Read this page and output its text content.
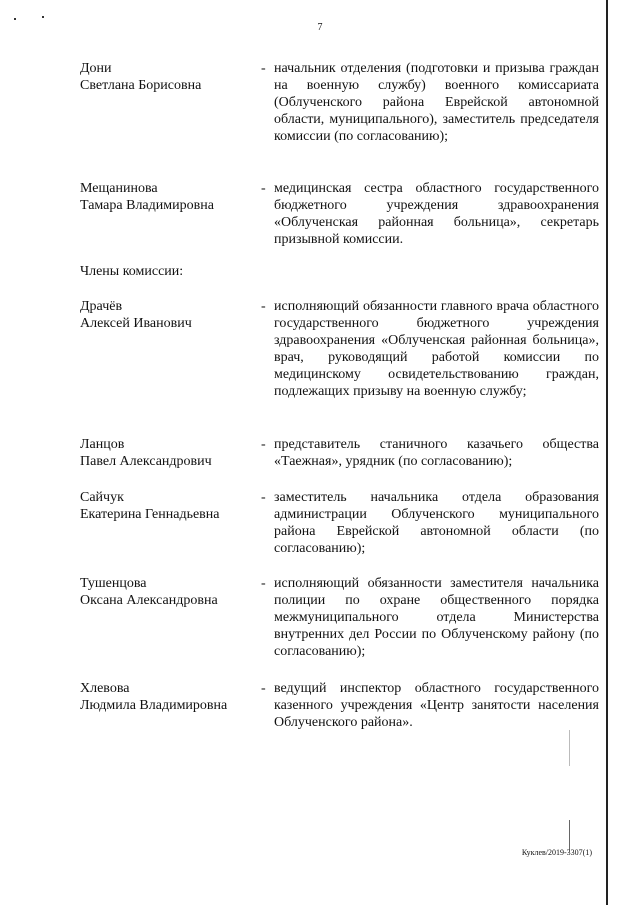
7
Дони
Светлана Борисовна
- начальник отделения (подготовки и призыва граждан на военную службу) военного комиссариата (Облученского района Еврейской автономной области, муниципального), заместитель председателя комиссии (по согласованию);
Мещанинова
Тамара Владимировна
- медицинская сестра областного государственного бюджетного учреждения здравоохранения «Облученская районная больница», секретарь призывной комиссии.
Члены комиссии:
Драчёв
Алексей Иванович
- исполняющий обязанности главного врача областного государственного бюджетного учреждения здравоохранения «Облученская районная больница», врач, руководящий работой комиссии по медицинскому освидетельствованию граждан, подлежащих призыву на военную службу;
Ланцов
Павел Александрович
- представитель станичного казачьего общества «Таежная», урядник (по согласованию);
Сайчук
Екатерина Геннадьевна
- заместитель начальника отдела образования администрации Облученского муниципального района Еврейской автономной области (по согласованию);
Тушенцова
Оксана Александровна
- исполняющий обязанности заместителя начальника полиции по охране общественного порядка межмуниципального отдела Министерства внутренних дел России по Облученскому району (по согласованию);
Хлевова
Людмила Владимировна
- ведущий инспектор областного государственного казенного учреждения «Центр занятости населения Облученского района».
Куклев/2019-3307(1)
